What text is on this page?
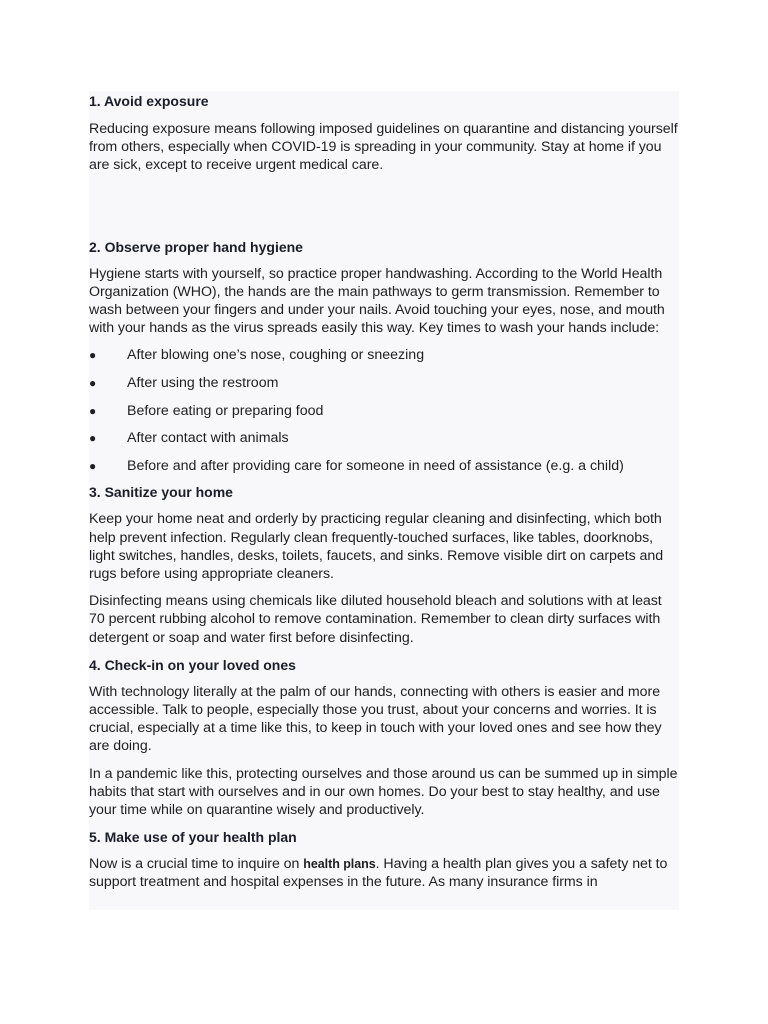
1. Avoid exposure

Reducing exposure means following imposed guidelines on quarantine and distancing yourself from others, especially when COVID-19 is spreading in your community. Stay at home if you are sick, except to receive urgent medical care.

2. Observe proper hand hygiene

Hygiene starts with yourself, so practice proper handwashing. According to the World Health Organization (WHO), the hands are the main pathways to germ transmission. Remember to wash between your fingers and under your nails. Avoid touching your eyes, nose, and mouth with your hands as the virus spreads easily this way. Key times to wash your hands include:

● After blowing one’s nose, coughing or sneezing
● After using the restroom
● Before eating or preparing food
● After contact with animals
● Before and after providing care for someone in need of assistance (e.g. a child)
3. Sanitize your home

Keep your home neat and orderly by practicing regular cleaning and disinfecting, which both help prevent infection. Regularly clean frequently-touched surfaces, like tables, doorknobs, light switches, handles, desks, toilets, faucets, and sinks. Remove visible dirt on carpets and rugs before using appropriate cleaners.

Disinfecting means using chemicals like diluted household bleach and solutions with at least 70 percent rubbing alcohol to remove contamination. Remember to clean dirty surfaces with detergent or soap and water first before disinfecting.

4. Check-in on your loved ones

With technology literally at the palm of our hands, connecting with others is easier and more accessible. Talk to people, especially those you trust, about your concerns and worries. It is crucial, especially at a time like this, to keep in touch with your loved ones and see how they are doing.

In a pandemic like this, protecting ourselves and those around us can be summed up in simple habits that start with ourselves and in our own homes. Do your best to stay healthy, and use your time while on quarantine wisely and productively.

5. Make use of your health plan

Now is a crucial time to inquire on health plans. Having a health plan gives you a safety net to support treatment and hospital expenses in the future. As many insurance firms in
